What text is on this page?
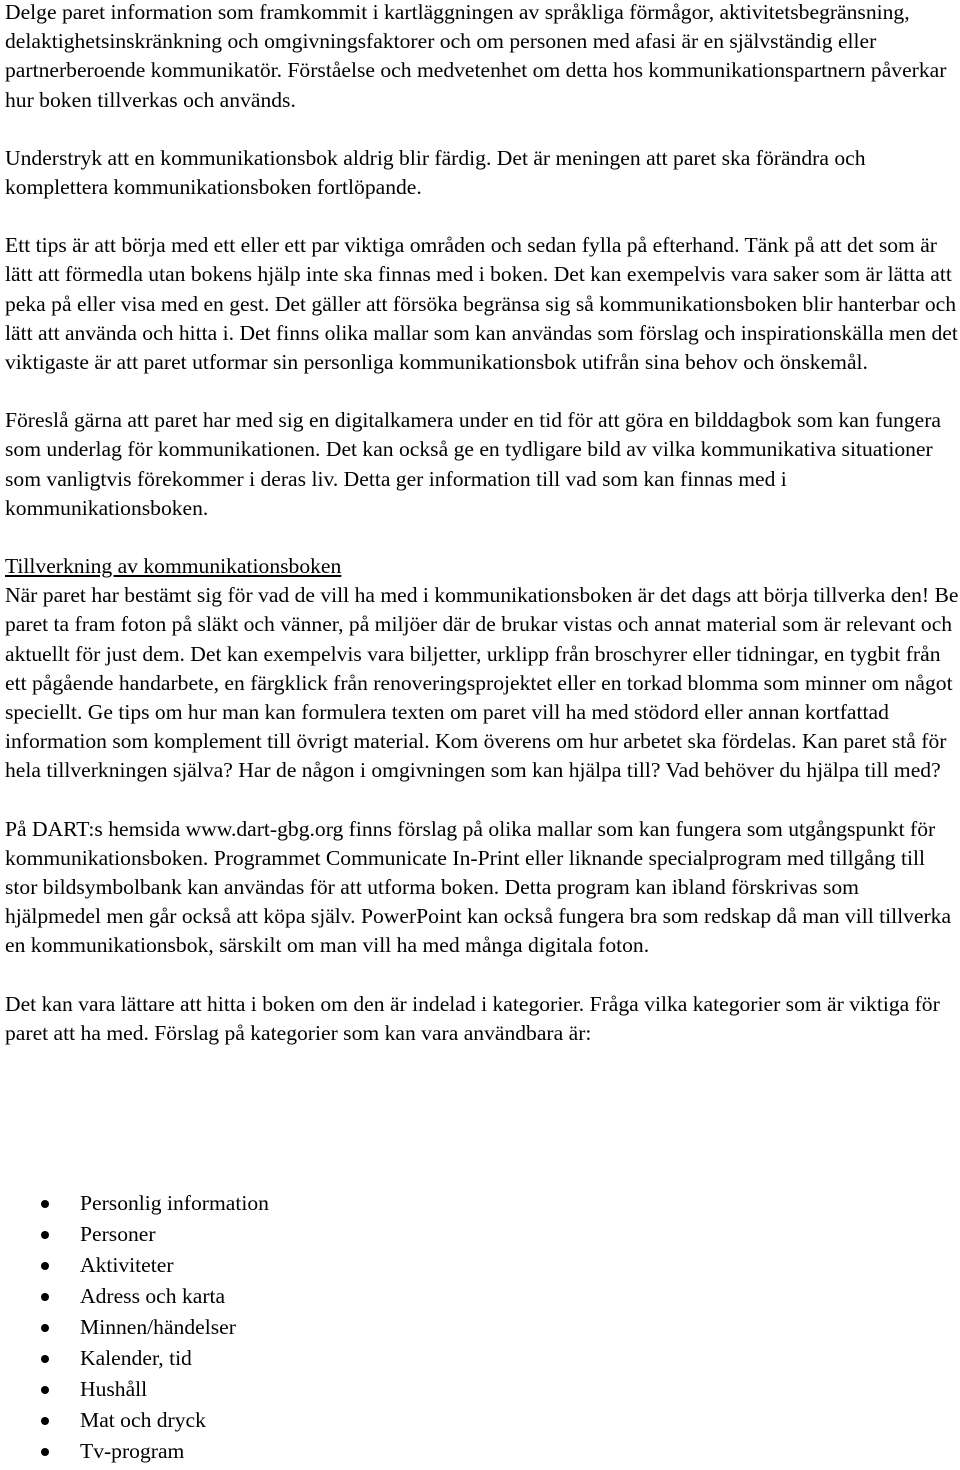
Delge paret information som framkommit i kartläggningen av språkliga förmågor, aktivitetsbegränsning, delaktighetsinskränkning och omgivningsfaktorer och om personen med afasi är en självständig eller partnerberoende kommunikatör. Förståelse och medvetenhet om detta hos kommunikationspartnern påverkar hur boken tillverkas och används.

Understryk att en kommunikationsbok aldrig blir färdig. Det är meningen att paret ska förändra och komplettera kommunikationsboken fortlöpande.

Ett tips är att börja med ett eller ett par viktiga områden och sedan fylla på efterhand. Tänk på att det som är lätt att förmedla utan bokens hjälp inte ska finnas med i boken. Det kan exempelvis vara saker som är lätta att peka på eller visa med en gest. Det gäller att försöka begränsa sig så kommunikationsboken blir hanterbar och lätt att använda och hitta i. Det finns olika mallar som kan användas som förslag och inspirationskälla men det viktigaste är att paret utformar sin personliga kommunikationsbok utifrån sina behov och önskemål.

Föreslå gärna att paret har med sig en digitalkamera under en tid för att göra en bilddagbok som kan fungera som underlag för kommunikationen. Det kan också ge en tydligare bild av vilka kommunikativa situationer som vanligtvis förekommer i deras liv. Detta ger information till vad som kan finnas med i kommunikationsboken.

Tillverkning av kommunikationsboken

När paret har bestämt sig för vad de vill ha med i kommunikationsboken är det dags att börja tillverka den! Be paret ta fram foton på släkt och vänner, på miljöer där de brukar vistas och annat material som är relevant och aktuellt för just dem. Det kan exempelvis vara biljetter, urklipp från broschyrer eller tidningar, en tygbit från ett pågående handarbete, en färgklick från renoveringsprojektet eller en torkad blomma som minner om något speciellt. Ge tips om hur man kan formulera texten om paret vill ha med stödord eller annan kortfattad information som komplement till övrigt material. Kom överens om hur arbetet ska fördelas. Kan paret stå för hela tillverkningen själva? Har de någon i omgivningen som kan hjälpa till? Vad behöver du hjälpa till med?

På DART:s hemsida www.dart-gbg.org finns förslag på olika mallar som kan fungera som utgångspunkt för kommunikationsboken. Programmet Communicate In-Print eller liknande specialprogram med tillgång till stor bildsymbolbank kan användas för att utforma boken. Detta program kan ibland förskrivas som hjälpmedel men går också att köpa själv. PowerPoint kan också fungera bra som redskap då man vill tillverka en kommunikationsbok, särskilt om man vill ha med många digitala foton.

Det kan vara lättare att hitta i boken om den är indelad i kategorier. Fråga vilka kategorier som är viktiga för paret att ha med. Förslag på kategorier som kan vara användbara är:

Personlig information
Personer
Aktiviteter
Adress och karta
Minnen/händelser
Kalender, tid
Hushåll
Mat och dryck
Tv-program
